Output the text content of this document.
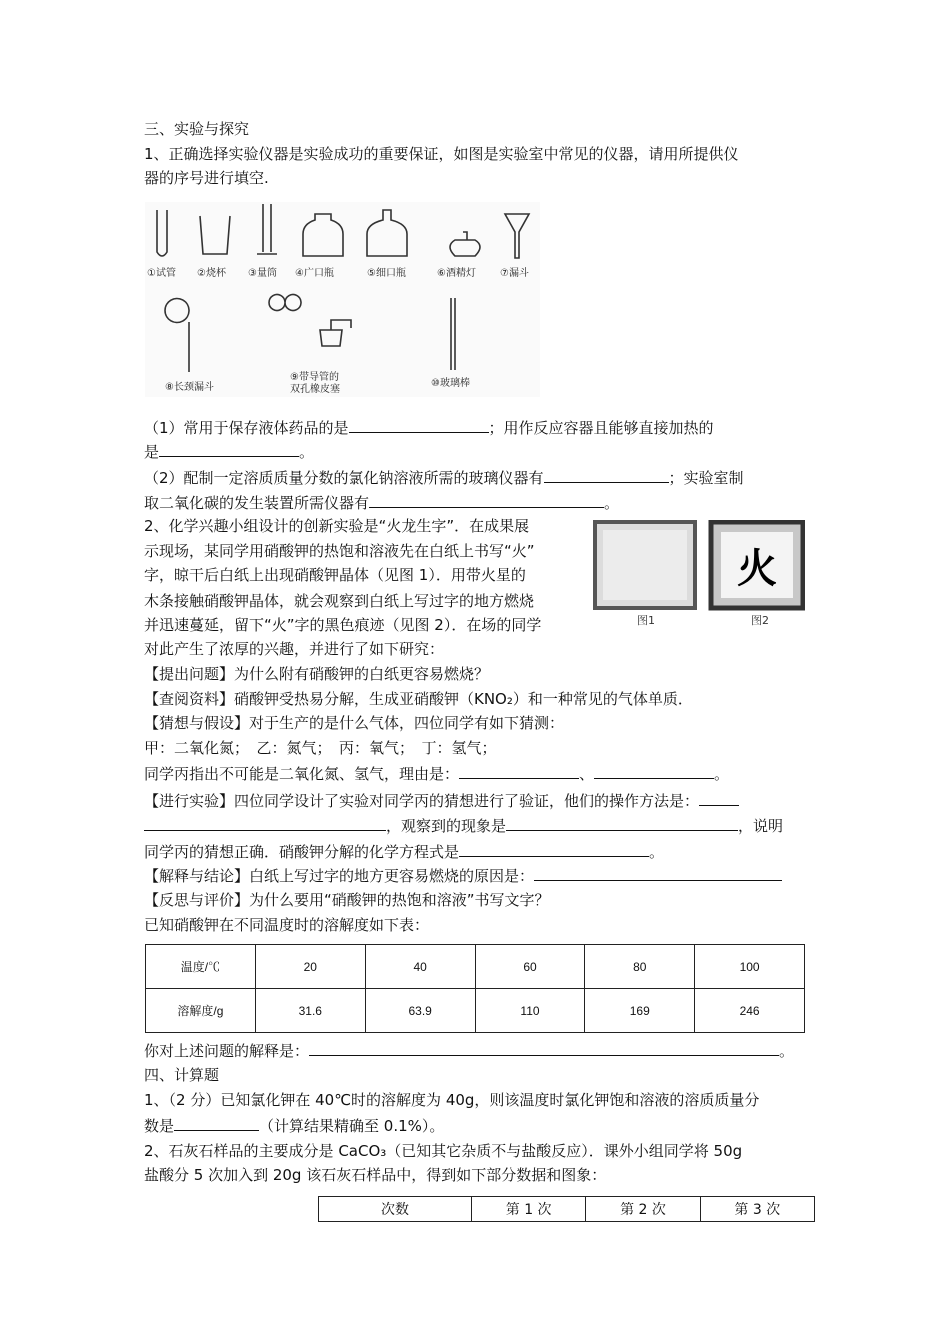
三、实验与探究
1、正确选择实验仪器是实验成功的重要保证，如图是实验室中常见的仪器，请用所提供仪
器的序号进行填空.
①试管 ②烧杯 ③量筒 ④广口瓶	⑤细口瓶	⑥酒精灯 ⑦漏斗
⑧长颈漏斗
⑨带导管的
双孔橡皮塞
⑩玻璃棒
（1）常用于保存液体药品的是	；用作反应容器且能够直接加热的
是	。
（2）配制一定溶质质量分数的氯化钠溶液所需的玻璃仪器有	；实验室制
取二氧化碳的发生装置所需仪器有	。
2、化学兴趣小组设计的创新实验是“火龙生字”．在成果展
示现场，某同学用硝酸钾的热饱和溶液先在白纸上书写“火”
字，晾干后白纸上出现硝酸钾晶体（见图 1）．用带火星的
木条接触硝酸钾晶体，就会观察到白纸上写过字的地方燃烧
并迅速蔓延，留下“火”字的黑色痕迹（见图 2）．在场的同学
对此产生了浓厚的兴趣，并进行了如下研究：
火
图1	图2
【提出问题】为什么附有硝酸钾的白纸更容易燃烧？
【查阅资料】硝酸钾受热易分解，生成亚硝酸钾（KNO₂）和一种常见的气体单质．
【猜想与假设】对于生产的是什么气体，四位同学有如下猜测：
甲：二氧化氮；　乙：氮气；　丙：氧气；　丁：氢气；
同学丙指出不可能是二氧化氮、氢气，理由是：	、	。
【进行实验】四位同学设计了实验对同学丙的猜想进行了验证，他们的操作方法是：
，观察到的现象是	，说明
同学丙的猜想正确．硝酸钾分解的化学方程式是	。
【解释与结论】白纸上写过字的地方更容易燃烧的原因是：
【反思与评价】为什么要用“硝酸钾的热饱和溶液”书写文字？
已知硝酸钾在不同温度时的溶解度如下表：
温度/℃	20	40	60	80	100
溶解度/g	31.6	63.9	110	169	246
你对上述问题的解释是：	。
四、计算题
1、（2 分）已知氯化钾在 40℃时的溶解度为 40g，则该温度时氯化钾饱和溶液的溶质质量分
数是	（计算结果精确至 0.1%）。
2、石灰石样品的主要成分是 CaCO₃（已知其它杂质不与盐酸反应）．课外小组同学将 50g
盐酸分 5 次加入到 20g 该石灰石样品中，得到如下部分数据和图象：
次数	第 1 次	第 2 次	第 3 次
